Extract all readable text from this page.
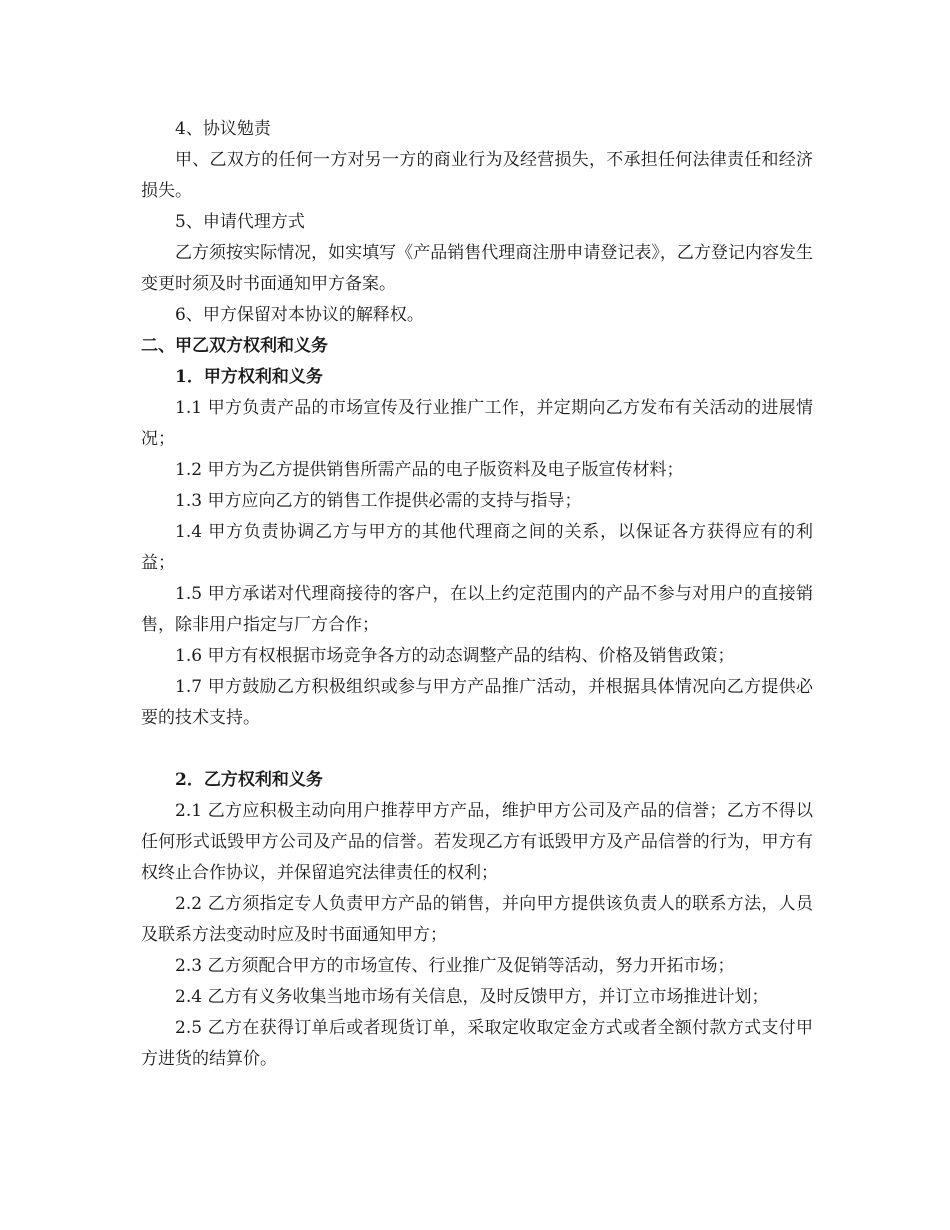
4、协议勉责

甲、乙双方的任何一方对另一方的商业行为及经营损失，不承担任何法律责任和经济损失。

5、申请代理方式

乙方须按实际情况，如实填写《产品销售代理商注册申请登记表》，乙方登记内容发生变更时须及时书面通知甲方备案。

6、甲方保留对本协议的解释权。

二、甲乙双方权利和义务

1．甲方权利和义务

1.1 甲方负责产品的市场宣传及行业推广工作，并定期向乙方发布有关活动的进展情况；

1.2 甲方为乙方提供销售所需产品的电子版资料及电子版宣传材料；

1.3 甲方应向乙方的销售工作提供必需的支持与指导；

1.4 甲方负责协调乙方与甲方的其他代理商之间的关系，以保证各方获得应有的利益；

1.5 甲方承诺对代理商接待的客户，在以上约定范围内的产品不参与对用户的直接销售，除非用户指定与厂方合作；

1.6 甲方有权根据市场竞争各方的动态调整产品的结构、价格及销售政策；

1.7 甲方鼓励乙方积极组织或参与甲方产品推广活动，并根据具体情况向乙方提供必要的技术支持。

2．乙方权利和义务

2.1 乙方应积极主动向用户推荐甲方产品，维护甲方公司及产品的信誉；乙方不得以任何形式诋毁甲方公司及产品的信誉。若发现乙方有诋毁甲方及产品信誉的行为，甲方有权终止合作协议，并保留追究法律责任的权利；

2.2 乙方须指定专人负责甲方产品的销售，并向甲方提供该负责人的联系方法，人员及联系方法变动时应及时书面通知甲方；

2.3 乙方须配合甲方的市场宣传、行业推广及促销等活动，努力开拓市场；

2.4 乙方有义务收集当地市场有关信息，及时反馈甲方，并订立市场推进计划；

2.5 乙方在获得订单后或者现货订单，采取定收取定金方式或者全额付款方式支付甲方进货的结算价。
